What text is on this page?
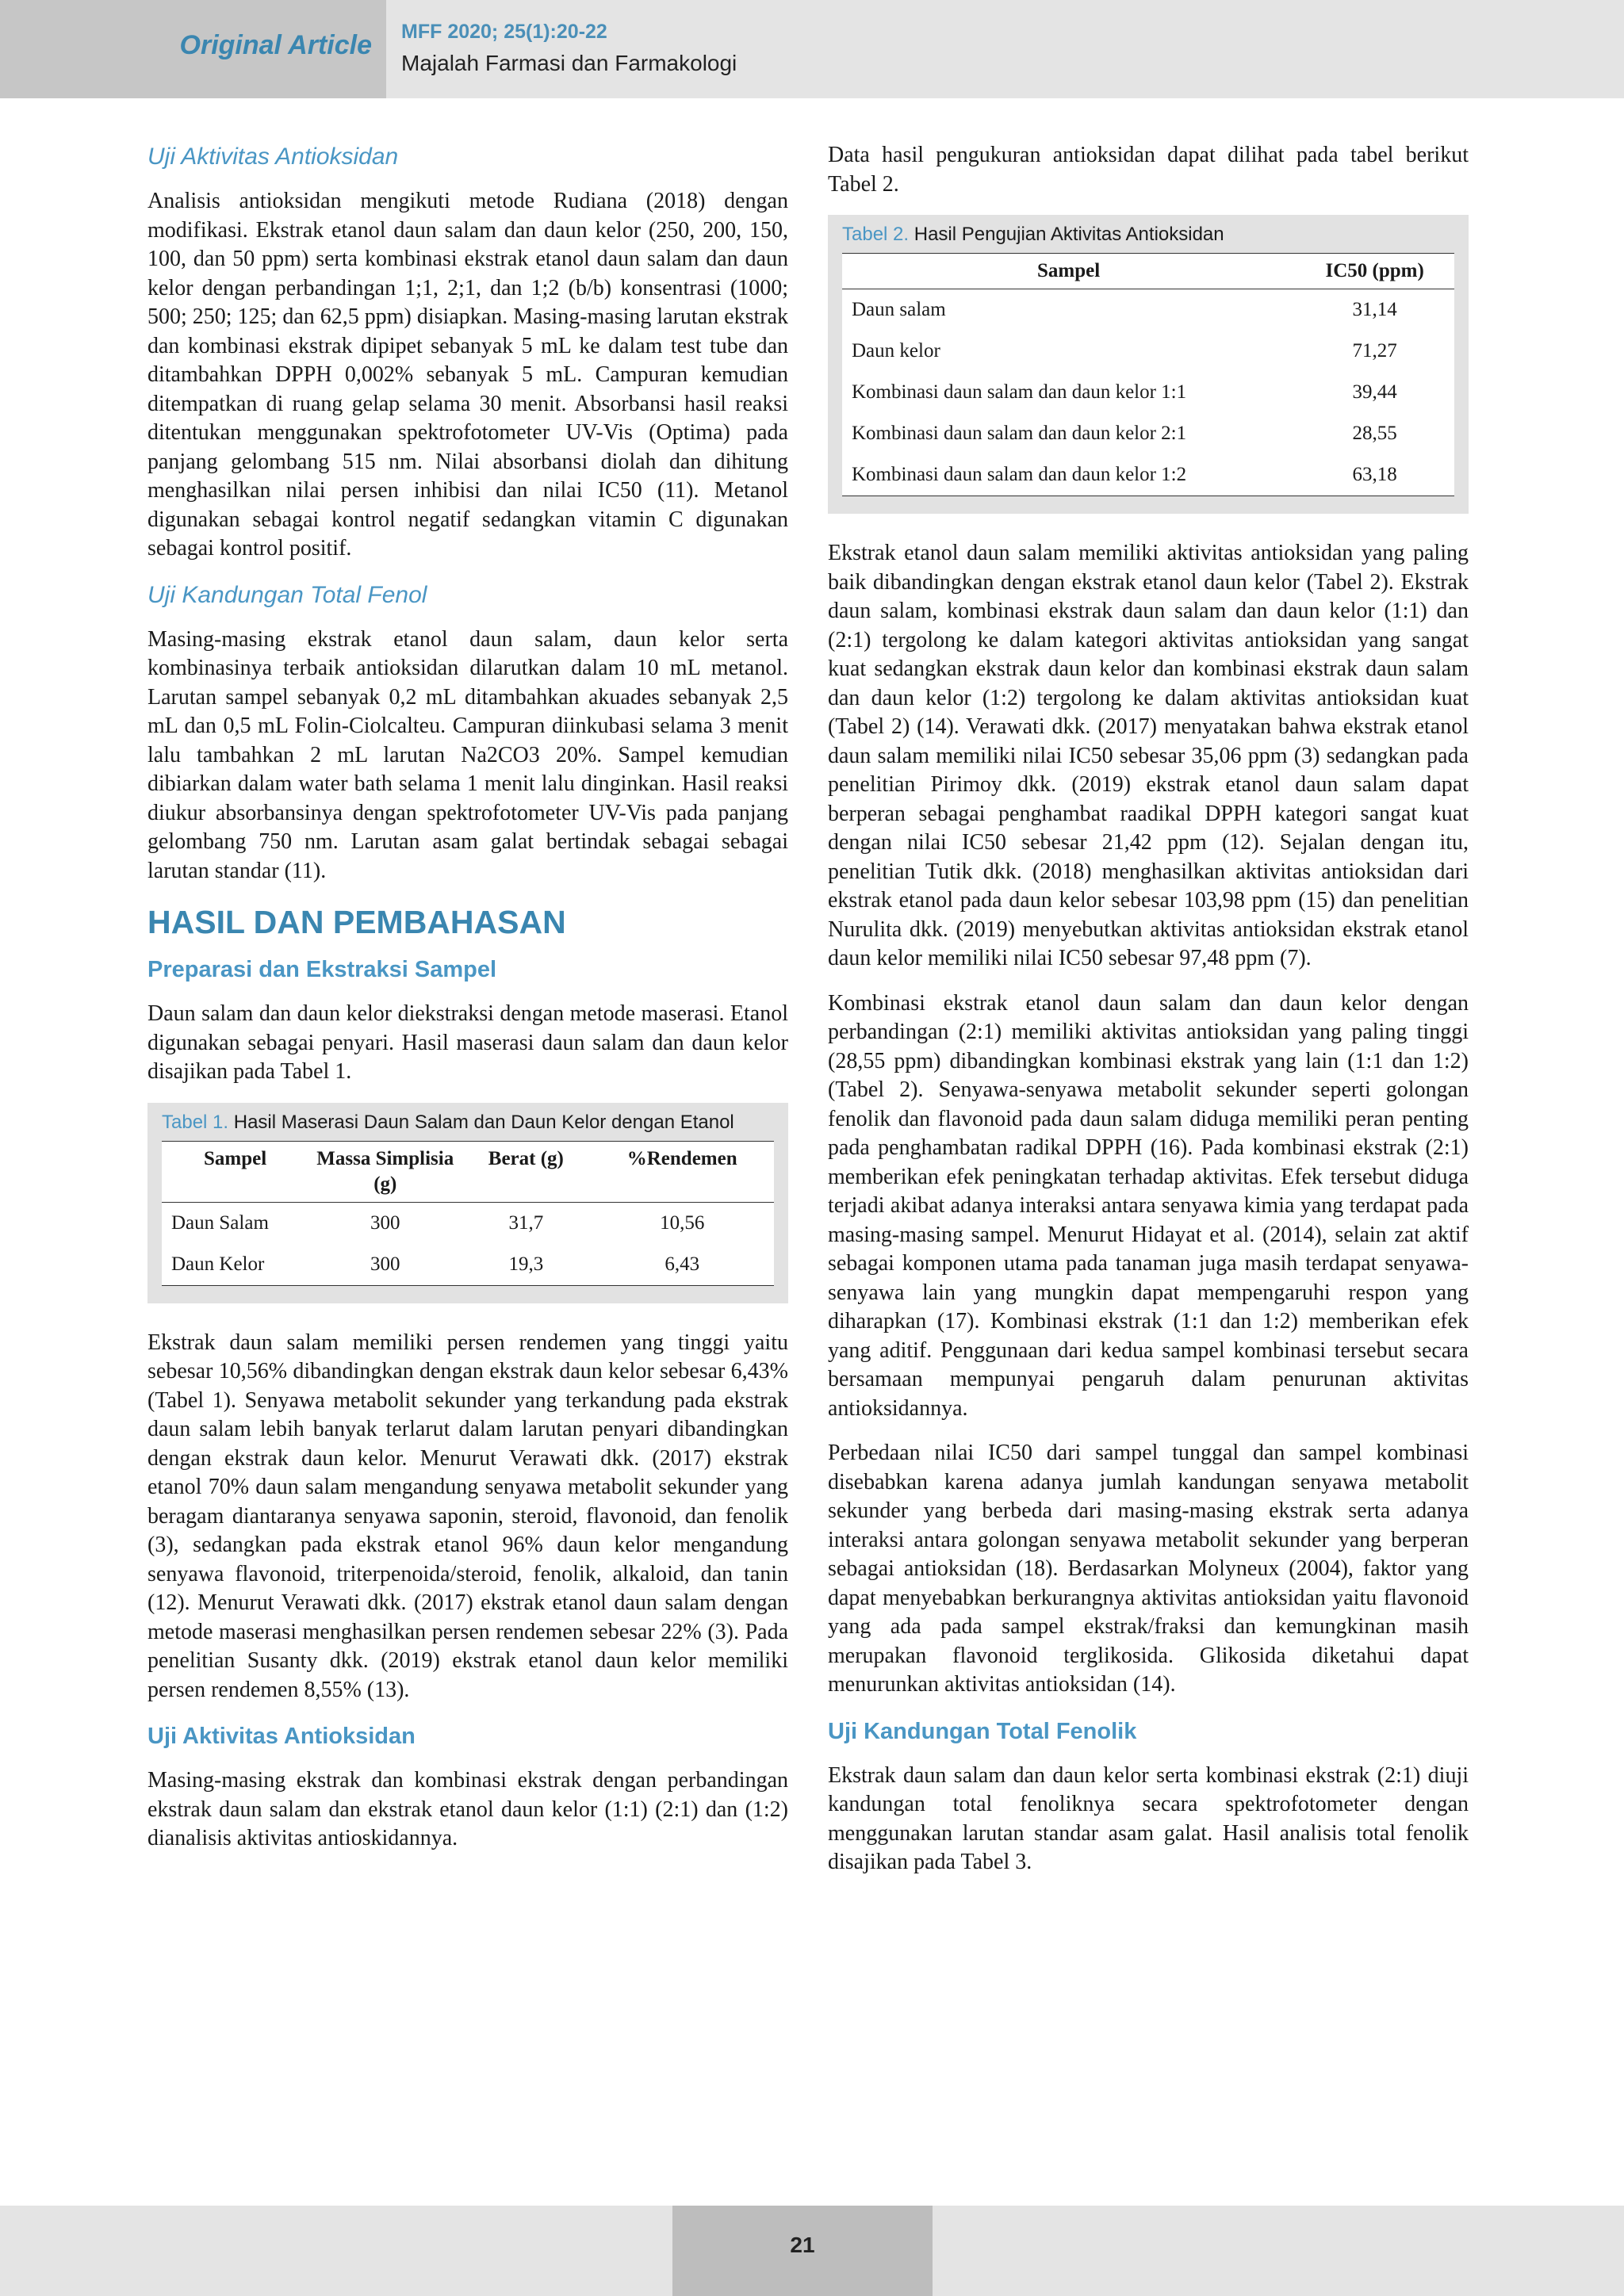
Original Article MFF 2020; 25(1):20-22
Majalah Farmasi dan Farmakologi
Uji Aktivitas Antioksidan

Analisis antioksidan mengikuti metode Rudiana (2018) dengan modifikasi. Ekstrak etanol daun salam dan daun kelor (250, 200, 150, 100, dan 50 ppm) serta kombinasi ekstrak etanol daun salam dan daun kelor dengan perbandingan 1;1, 2;1, dan 1;2 (b/b) konsentrasi (1000; 500; 250; 125; dan 62,5 ppm) disiapkan. Masing-masing larutan ekstrak dan kombinasi ekstrak dipipet sebanyak 5 mL ke dalam test tube dan ditambahkan DPPH 0,002% sebanyak 5 mL. Campuran kemudian ditempatkan di ruang gelap selama 30 menit. Absorbansi hasil reaksi ditentukan menggunakan spektrofotometer UV-Vis (Optima) pada panjang gelombang 515 nm. Nilai absorbansi diolah dan dihitung menghasilkan nilai persen inhibisi dan nilai IC50 (11). Metanol digunakan sebagai kontrol negatif sedangkan vitamin C digunakan sebagai kontrol positif.

Uji Kandungan Total Fenol

Masing-masing ekstrak etanol daun salam, daun kelor serta kombinasinya terbaik antioksidan dilarutkan dalam 10 mL metanol. Larutan sampel sebanyak 0,2 mL ditambahkan akuades sebanyak 2,5 mL dan 0,5 mL Folin-Ciolcalteu. Campuran diinkubasi selama 3 menit lalu tambahkan 2 mL larutan Na2CO3 20%. Sampel kemudian dibiarkan dalam water bath selama 1 menit lalu dinginkan. Hasil reaksi diukur absorbansinya dengan spektrofotometer UV-Vis pada panjang gelombang 750 nm. Larutan asam galat bertindak sebagai sebagai larutan standar (11).

HASIL DAN PEMBAHASAN
Preparasi dan Ekstraksi Sampel

Daun salam dan daun kelor diekstraksi dengan metode maserasi. Etanol digunakan sebagai penyari. Hasil maserasi daun salam dan daun kelor disajikan pada Tabel 1.

Tabel 1. Hasil Maserasi Daun Salam dan Daun Kelor dengan Etanol
Sampel	Massa Simplisia (g)	Berat (g)	%Rendemen
Daun Salam	300	31,7	10,56
Daun Kelor	300	19,3	6,43

Ekstrak daun salam memiliki persen rendemen yang tinggi yaitu sebesar 10,56% dibandingkan dengan ekstrak daun kelor sebesar 6,43% (Tabel 1). Senyawa metabolit sekunder yang terkandung pada ekstrak daun salam lebih banyak terlarut dalam larutan penyari dibandingkan dengan ekstrak daun kelor. Menurut Verawati dkk. (2017) ekstrak etanol 70% daun salam mengandung senyawa metabolit sekunder yang beragam diantaranya senyawa saponin, steroid, flavonoid, dan fenolik (3), sedangkan pada ekstrak etanol 96% daun kelor mengandung senyawa flavonoid, triterpenoida/steroid, fenolik, alkaloid, dan tanin (12). Menurut Verawati dkk. (2017) ekstrak etanol daun salam dengan metode maserasi menghasilkan persen rendemen sebesar 22% (3). Pada penelitian Susanty dkk. (2019) ekstrak etanol daun kelor memiliki persen rendemen 8,55% (13).

Uji Aktivitas Antioksidan

Masing-masing ekstrak dan kombinasi ekstrak dengan perbandingan ekstrak daun salam dan ekstrak etanol daun kelor (1:1) (2:1) dan (1:2) dianalisis aktivitas antioskidannya.

Data hasil pengukuran antioksidan dapat dilihat pada tabel berikut Tabel 2.

Tabel 2. Hasil Pengujian Aktivitas Antioksidan
Sampel	IC50 (ppm)
Daun salam	31,14
Daun kelor	71,27
Kombinasi daun salam dan daun kelor 1:1	39,44
Kombinasi daun salam dan daun kelor 2:1	28,55
Kombinasi daun salam dan daun kelor 1:2	63,18

Ekstrak etanol daun salam memiliki aktivitas antioksidan yang paling baik dibandingkan dengan ekstrak etanol daun kelor (Tabel 2). Ekstrak daun salam, kombinasi ekstrak daun salam dan daun kelor (1:1) dan (2:1) tergolong ke dalam kategori aktivitas antioksidan yang sangat kuat sedangkan ekstrak daun kelor dan kombinasi ekstrak daun salam dan daun kelor (1:2) tergolong ke dalam aktivitas antioksidan kuat (Tabel 2) (14). Verawati dkk. (2017) menyatakan bahwa ekstrak etanol daun salam memiliki nilai IC50 sebesar 35,06 ppm (3) sedangkan pada penelitian Pirimoy dkk. (2019) ekstrak etanol daun salam dapat berperan sebagai penghambat raadikal DPPH kategori sangat kuat dengan nilai IC50 sebesar 21,42 ppm (12). Sejalan dengan itu, penelitian Tutik dkk. (2018) menghasilkan aktivitas antioksidan dari ekstrak etanol pada daun kelor sebesar 103,98 ppm (15) dan penelitian Nurulita dkk. (2019) menyebutkan aktivitas antioksidan ekstrak etanol daun kelor memiliki nilai IC50 sebesar 97,48 ppm (7).

Kombinasi ekstrak etanol daun salam dan daun kelor dengan perbandingan (2:1) memiliki aktivitas antioksidan yang paling tinggi (28,55 ppm) dibandingkan kombinasi ekstrak yang lain (1:1 dan 1:2) (Tabel 2). Senyawa-senyawa metabolit sekunder seperti golongan fenolik dan flavonoid pada daun salam diduga memiliki peran penting pada penghambatan radikal DPPH (16). Pada kombinasi ekstrak (2:1) memberikan efek peningkatan terhadap aktivitas. Efek tersebut diduga terjadi akibat adanya interaksi antara senyawa kimia yang terdapat pada masing-masing sampel. Menurut Hidayat et al. (2014), selain zat aktif sebagai komponen utama pada tanaman juga masih terdapat senyawa-senyawa lain yang mungkin dapat mempengaruhi respon yang diharapkan (17). Kombinasi ekstrak (1:1 dan 1:2) memberikan efek yang aditif. Penggunaan dari kedua sampel kombinasi tersebut secara bersamaan mempunyai pengaruh dalam penurunan aktivitas antioksidannya.

Perbedaan nilai IC50 dari sampel tunggal dan sampel kombinasi disebabkan karena adanya jumlah kandungan senyawa metabolit sekunder yang berbeda dari masing-masing ekstrak serta adanya interaksi antara golongan senyawa metabolit sekunder yang berperan sebagai antioksidan (18). Berdasarkan Molyneux (2004), faktor yang dapat menyebabkan berkurangnya aktivitas antioksidan yaitu flavonoid yang ada pada sampel ekstrak/fraksi dan kemungkinan masih merupakan flavonoid terglikosida. Glikosida diketahui dapat menurunkan aktivitas antioksidan (14).

Uji Kandungan Total Fenolik

Ekstrak daun salam dan daun kelor serta kombinasi ekstrak (2:1) diuji kandungan total fenoliknya secara spektrofotometer dengan menggunakan larutan standar asam galat. Hasil analisis total fenolik disajikan pada Tabel 3.

21
